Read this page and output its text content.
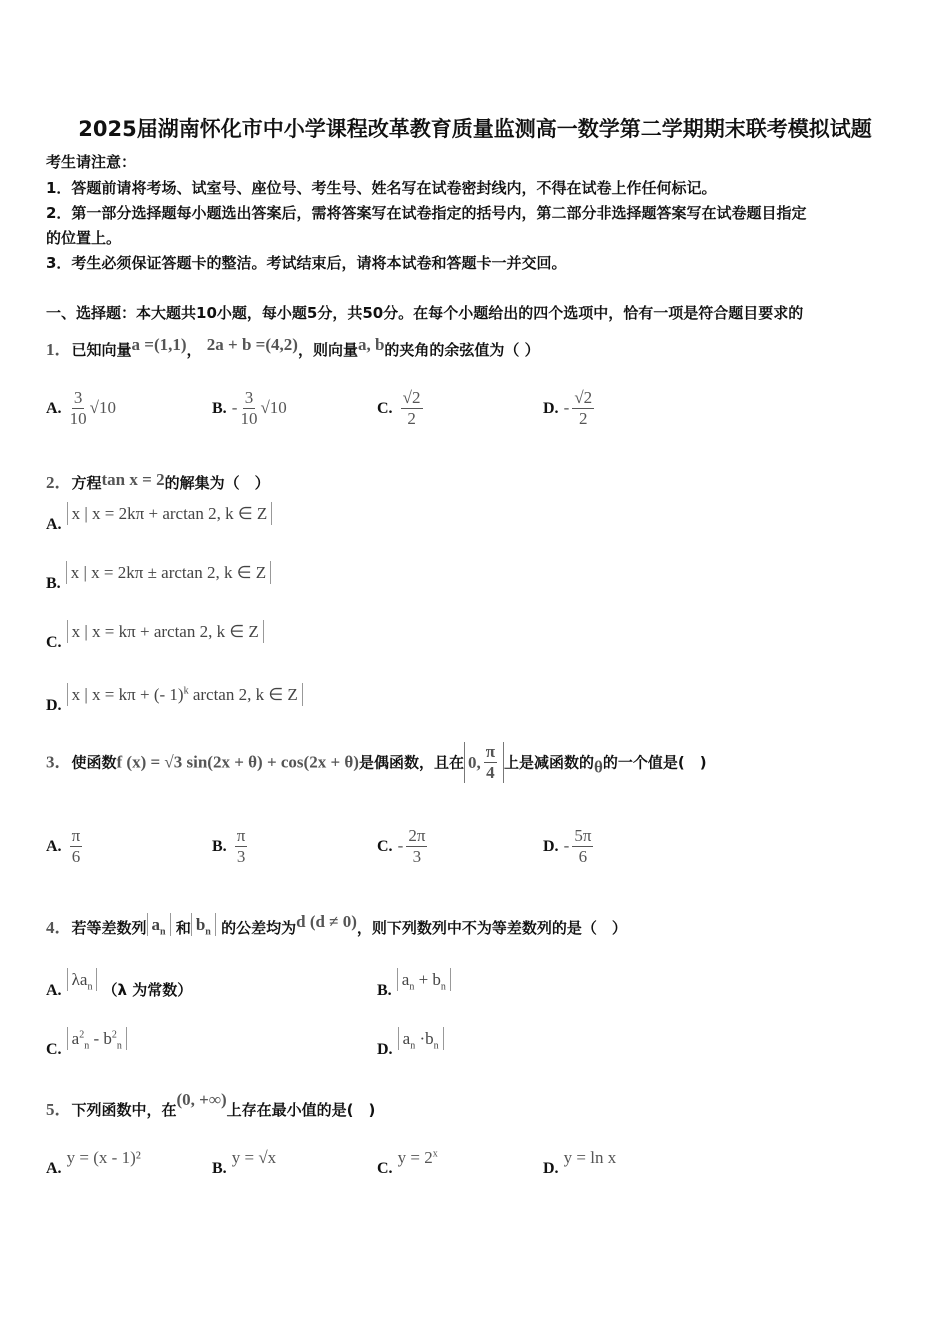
2025届湖南怀化市中小学课程改革教育质量监测高一数学第二学期期末联考模拟试题
考生请注意：
1．答题前请将考场、试室号、座位号、考生号、姓名写在试卷密封线内，不得在试卷上作任何标记。
2．第一部分选择题每小题选出答案后，需将答案写在试卷指定的括号内，第二部分非选择题答案写在试卷题目指定
的位置上。
3．考生必须保证答题卡的整洁。考试结束后，请将本试卷和答题卡一并交回。
一、选择题：本大题共10小题，每小题5分，共50分。在每个小题给出的四个选项中，恰有一项是符合题目要求的
1．已知向量a =(1,1)， 2a + b =(4,2)，则向量a, b的夹角的余弦值为（ ）
A. $\frac{3}{10} √10$	B. - $\frac{3}{10} √10$	C. $\frac{√2}{2}$	D. - $\frac{√2}{2}$
2．方程tan x = 2的解集为（　）
A. x | x = 2kπ + arctan 2, k ∈ Z
B. x | x = 2kπ ± arctan 2, k ∈ Z
C. x | x = kπ + arctan 2, k ∈ Z
D. x | x = kπ + (- 1)$^k$ arctan 2, k ∈ Z
3．使函数f (x) = √3 sin(2x + θ) + cos(2x + θ)是偶函数，且在 0, $\frac{\pi}{4}$ 上是减函数的θ的一个值是(　)
A. $\frac{\pi}{6}$	B. $\frac{\pi}{3}$	C. - $\frac{2\pi}{3}$	D. - $\frac{5\pi}{6}$
4．若等差数列 $a_n$ 和 $b_n$ 的公差均为d (d ≠ 0)，则下列数列中不为等差数列的是（　）
A. $\lambda a_n$ （λ 为常数）	B. $a_n + b_n$
C. $a^2_n - b^2_n$	D. $a_n \cdot b_n$
5．下列函数中，在(0, +∞)上存在最小值的是(　)
A. y = (x - 1)²
B. y = √x
C. $y = 2^x$
D. y = ln x
